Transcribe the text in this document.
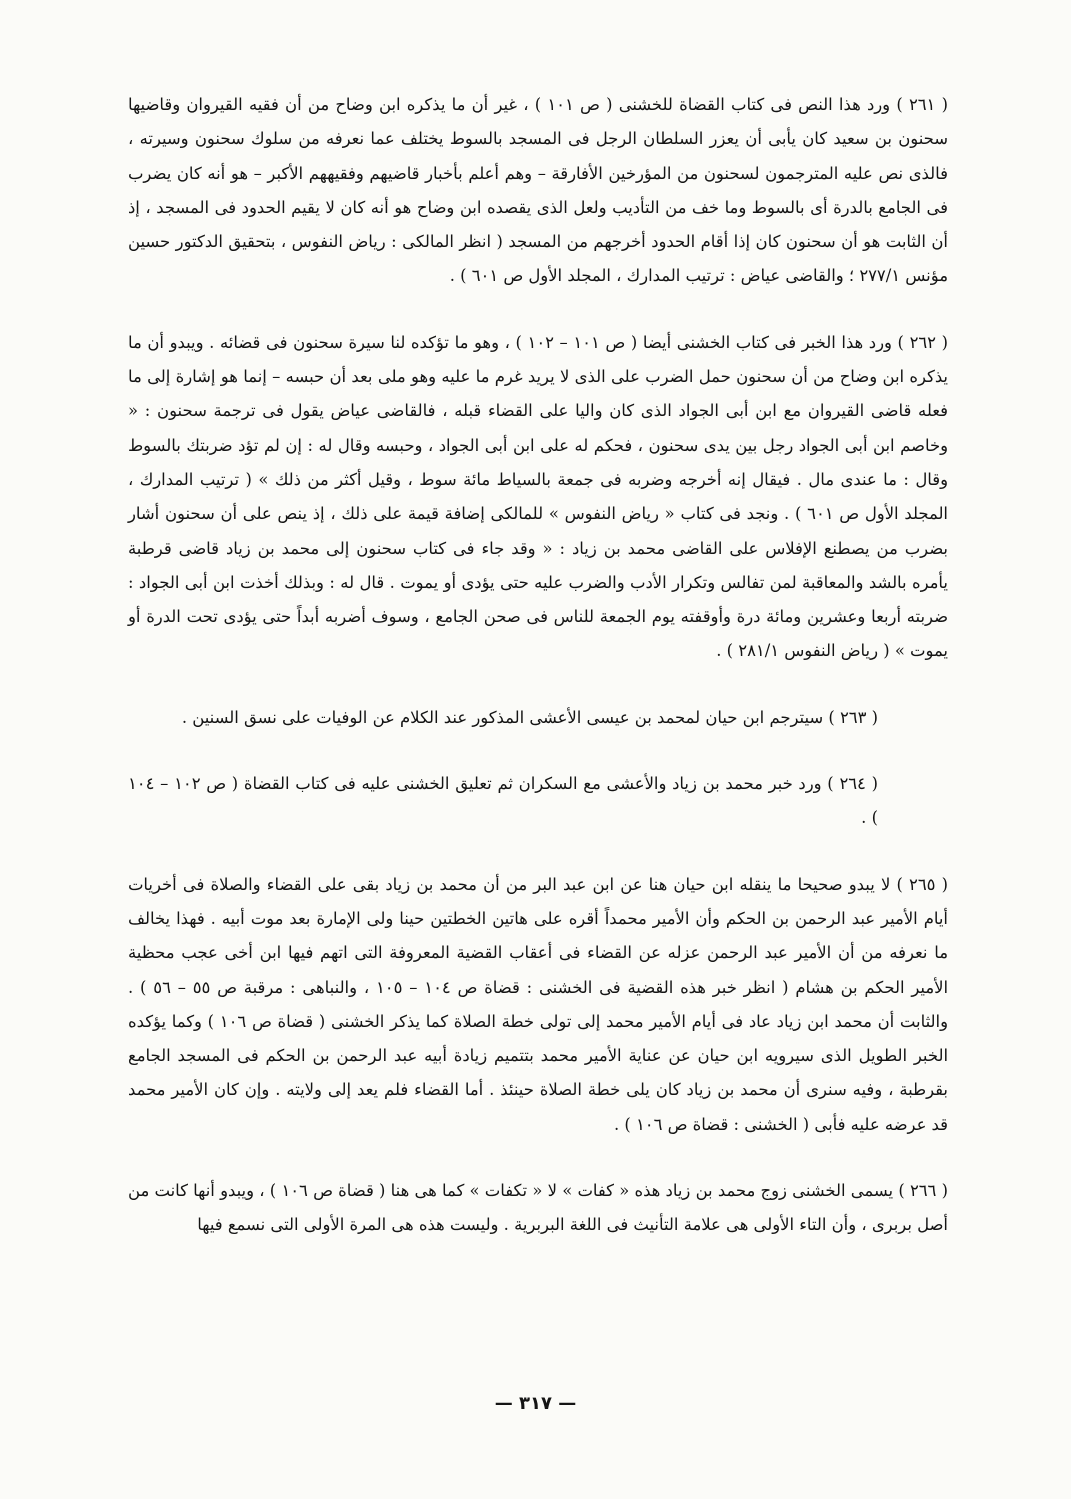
( ٢٦١ ) ورد هذا النص فى كتاب القضاة للخشنى ( ص ١٠١ ) ، غير أن ما يذكره ابن وضاح من أن فقيه القيروان وقاضيها سحنون بن سعيد كان يأبى أن يعزر السلطان الرجل فى المسجد بالسوط يختلف عما نعرفه من سلوك سحنون وسيرته ، فالذى نص عليه المترجمون لسحنون من المؤرخين الأفارقة – وهم أعلم بأخبار قاضيهم وفقيههم الأكبر – هو أنه كان يضرب فى الجامع بالدرة أى بالسوط وما خف من التأديب ولعل الذى يقصده ابن وضاح هو أنه كان لا يقيم الحدود فى المسجد ، إذ أن الثابت هو أن سحنون كان إذا أقام الحدود أخرجهم من المسجد ( انظر المالكى : رياض النفوس ، بتحقيق الدكتور حسين مؤنس ٢٧٧/١ ؛ والقاضى عياض : ترتيب المدارك ، المجلد الأول ص ٦٠١ ) .

( ٢٦٢ ) ورد هذا الخبر فى كتاب الخشنى أيضا ( ص ١٠١ – ١٠٢ ) ، وهو ما تؤكده لنا سيرة سحنون فى قضائه . ويبدو أن ما يذكره ابن وضاح من أن سحنون حمل الضرب على الذى لا يريد غرم ما عليه وهو ملى بعد أن حبسه – إنما هو إشارة إلى ما فعله قاضى القيروان مع ابن أبى الجواد الذى كان واليا على القضاء قبله ، فالقاضى عياض يقول فى ترجمة سحنون : « وخاصم ابن أبى الجواد رجل بين يدى سحنون ، فحكم له على ابن أبى الجواد ، وحبسه وقال له : إن لم تؤد ضربتك بالسوط وقال : ما عندى مال . فيقال إنه أخرجه وضربه فى جمعة بالسياط مائة سوط ، وقيل أكثر من ذلك » ( ترتيب المدارك ، المجلد الأول ص ٦٠١ ) . ونجد فى كتاب « رياض النفوس » للمالكى إضافة قيمة على ذلك ، إذ ينص على أن سحنون أشار بضرب من يصطنع الإفلاس على القاضى محمد بن زياد : « وقد جاء فى كتاب سحنون إلى محمد بن زياد قاضى قرطبة يأمره بالشد والمعاقبة لمن تفالس وتكرار الأدب والضرب عليه حتى يؤدى أو يموت . قال له : وبذلك أخذت ابن أبى الجواد : ضربته أربعا وعشرين ومائة درة وأوقفته يوم الجمعة للناس فى صحن الجامع ، وسوف أضربه أبداً حتى يؤدى تحت الدرة أو يموت » ( رياض النفوس ٢٨١/١ ) .

( ٢٦٣ ) سيترجم ابن حيان لمحمد بن عيسى الأعشى المذكور عند الكلام عن الوفيات على نسق السنين .

( ٢٦٤ ) ورد خبر محمد بن زياد والأعشى مع السكران ثم تعليق الخشنى عليه فى كتاب القضاة ( ص ١٠٢ – ١٠٤ ) .

( ٢٦٥ ) لا يبدو صحيحا ما ينقله ابن حيان هنا عن ابن عبد البر من أن محمد بن زياد بقى على القضاء والصلاة فى أخريات أيام الأمير عبد الرحمن بن الحكم وأن الأمير محمداً أقره على هاتين الخطتين حينا ولى الإمارة بعد موت أبيه . فهذا يخالف ما نعرفه من أن الأمير عبد الرحمن عزله عن القضاء فى أعقاب القضية المعروفة التى اتهم فيها ابن أخى عجب محظية الأمير الحكم بن هشام ( انظر خبر هذه القضية فى الخشنى : قضاة ص ١٠٤ – ١٠٥ ، والنباهى : مرقبة ص ٥٥ – ٥٦ ) . والثابت أن محمد ابن زياد عاد فى أيام الأمير محمد إلى تولى خطة الصلاة كما يذكر الخشنى ( قضاة ص ١٠٦ ) وكما يؤكده الخبر الطويل الذى سيرويه ابن حيان عن عناية الأمير محمد بتتميم زيادة أبيه عبد الرحمن بن الحكم فى المسجد الجامع بقرطبة ، وفيه سنرى أن محمد بن زياد كان يلى خطة الصلاة حينئذ . أما القضاء فلم يعد إلى ولايته . وإن كان الأمير محمد قد عرضه عليه فأبى ( الخشنى : قضاة ص ١٠٦ ) .

( ٢٦٦ ) يسمى الخشنى زوج محمد بن زياد هذه « كفات » لا « تكفات » كما هى هنا ( قضاة ص ١٠٦ ) ، ويبدو أنها كانت من أصل بربرى ، وأن التاء الأولى هى علامة التأنيث فى اللغة البربرية . وليست هذه هى المرة الأولى التى نسمع فيها

— ٣١٧ —
